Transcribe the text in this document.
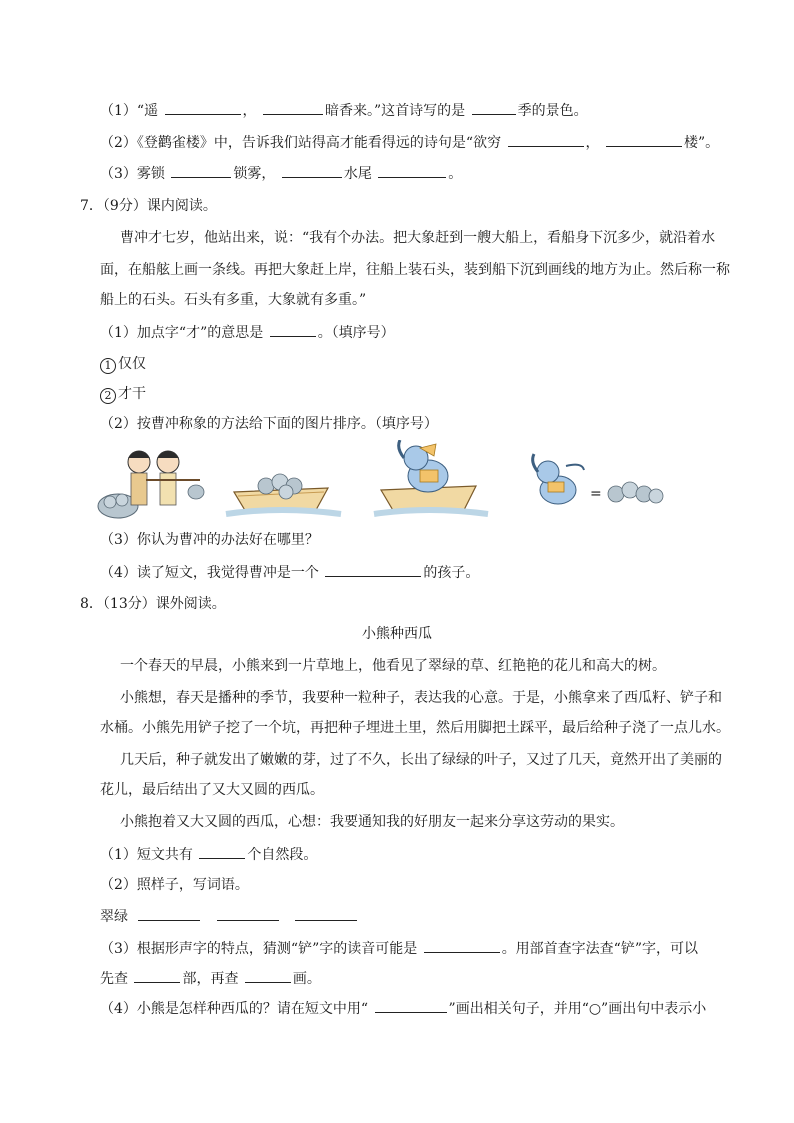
（1）“遥	，	暗香来。”这首诗写的是	季的景色。
（2）《登鹳雀楼》中，告诉我们站得高才能看得远的诗句是“欲穷	，	楼”。
（3）雾锁	锁雾，	水尾	。
7．（9分）课内阅读。
曹冲才七岁，他站出来，说：“我有个办法。把大象赶到一艘大船上，看船身下沉多少，就沿着水
面，在船舷上画一条线。再把大象赶上岸，往船上装石头，装到船下沉到画线的地方为止。然后称一称
船上的石头。石头有多重，大象就有多重。”
（1）加点字“才”的意思是	。（填序号）
1 仅仅
2 才干
（2）按曹冲称象的方法给下面的图片排序。（填序号）
=
（3）你认为曹冲的办法好在哪里？
（4）读了短文，我觉得曹冲是一个	的孩子。
8．（13分）课外阅读。
小熊种西瓜
一个春天的早晨，小熊来到一片草地上，他看见了翠绿的草、红艳艳的花儿和高大的树。
小熊想，春天是播种的季节，我要种一粒种子，表达我的心意。于是，小熊拿来了西瓜籽、铲子和
水桶。小熊先用铲子挖了一个坑，再把种子埋进土里，然后用脚把土踩平，最后给种子浇了一点儿水。
几天后，种子就发出了嫩嫩的芽，过了不久，长出了绿绿的叶子，又过了几天，竟然开出了美丽的
花儿，最后结出了又大又圆的西瓜。
小熊抱着又大又圆的西瓜，心想：我要通知我的好朋友一起来分享这劳动的果实。
（1）短文共有	个自然段。
（2）照样子，写词语。
翠绿
（3）根据形声字的特点，猜测“铲”字的读音可能是	。用部首查字法查“铲”字，可以
先查	部，再查	画。
（4）小熊是怎样种西瓜的？请在短文中用“	”画出相关句子，并用“○”画出句中表示小
